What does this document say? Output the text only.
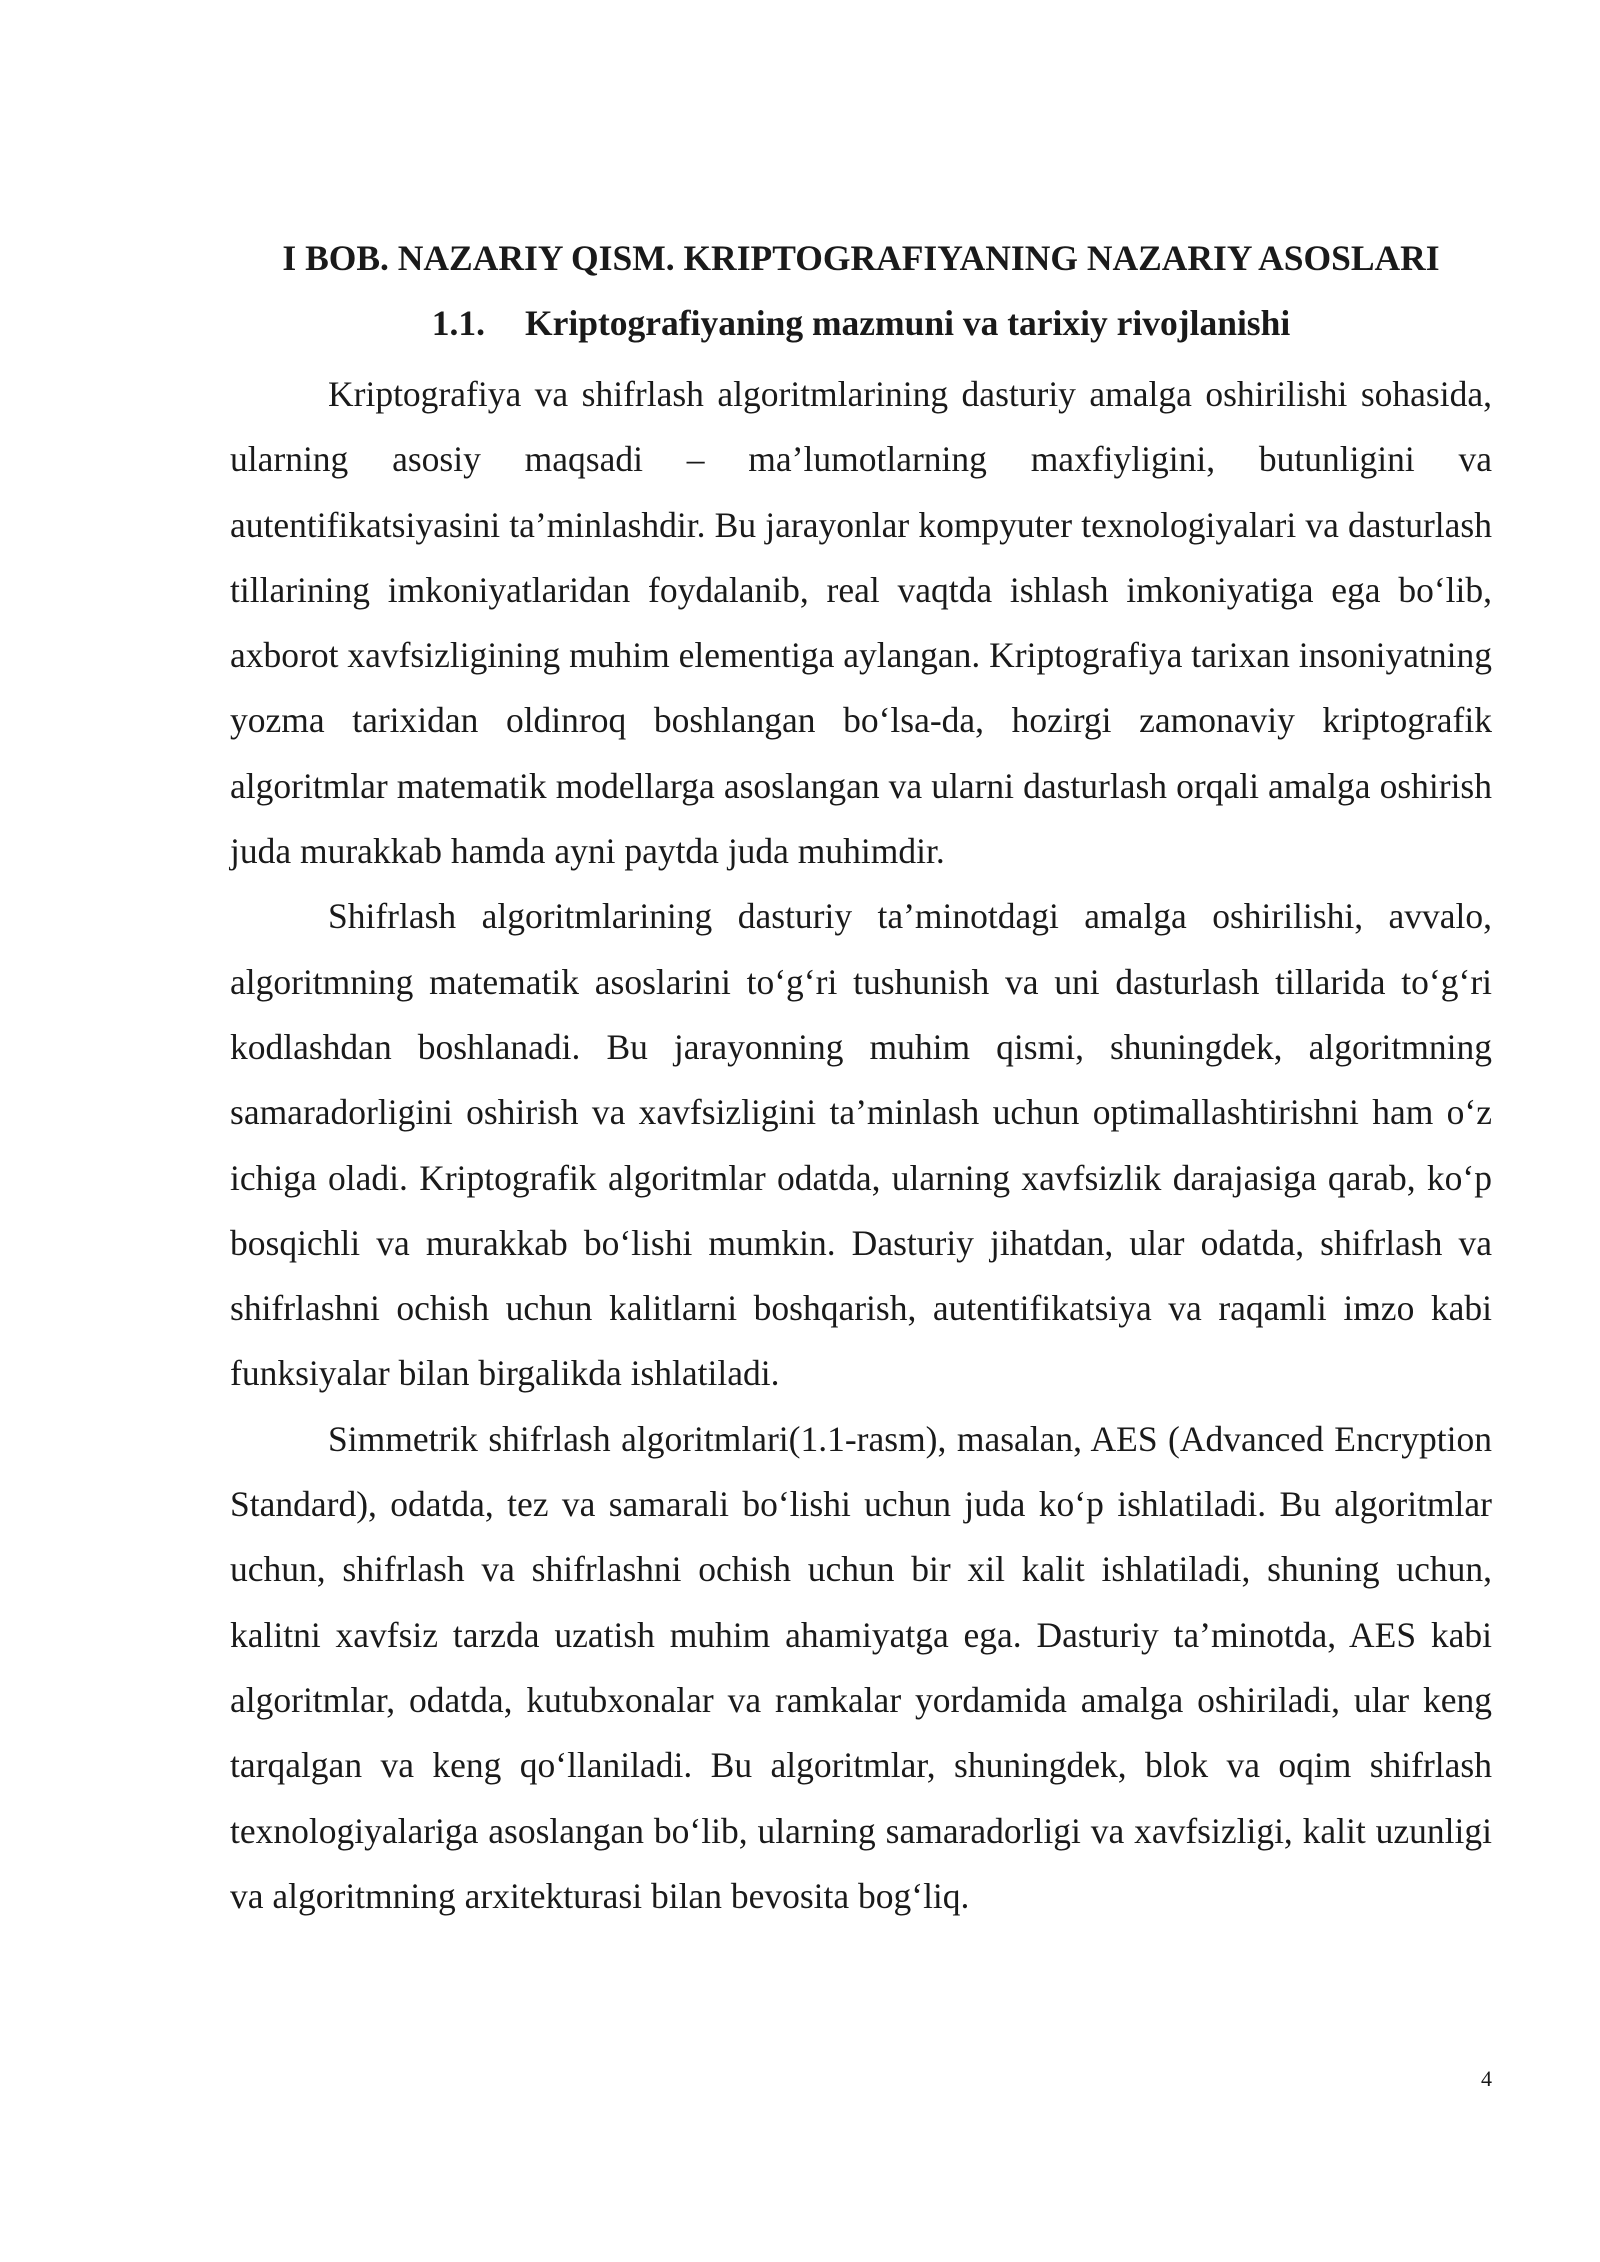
I BOB. NAZARIY QISM. KRIPTOGRAFIYANING NAZARIY ASOSLARI
1.1. Kriptografiyaning mazmuni va tarixiy rivojlanishi

Kriptografiya va shifrlash algoritmlarining dasturiy amalga oshirilishi sohasida, ularning asosiy maqsadi – ma’lumotlarning maxfiyligini, butunligini va autentifikatsiyasini ta’minlashdir. Bu jarayonlar kompyuter texnologiyalari va dasturlash tillarining imkoniyatlaridan foydalanib, real vaqtda ishlash imkoniyatiga ega bo‘lib, axborot xavfsizligining muhim elementiga aylangan. Kriptografiya tarixan insoniyatning yozma tarixidan oldinroq boshlangan bo‘lsa-da, hozirgi zamonaviy kriptografik algoritmlar matematik modellarga asoslangan va ularni dasturlash orqali amalga oshirish juda murakkab hamda ayni paytda juda muhimdir.

Shifrlash algoritmlarining dasturiy ta’minotdagi amalga oshirilishi, avvalo, algoritmning matematik asoslarini to‘g‘ri tushunish va uni dasturlash tillarida to‘g‘ri kodlashdan boshlanadi. Bu jarayonning muhim qismi, shuningdek, algoritmning samaradorligini oshirish va xavfsizligini ta’minlash uchun optimallashtirishni ham o‘z ichiga oladi. Kriptografik algoritmlar odatda, ularning xavfsizlik darajasiga qarab, ko‘p bosqichli va murakkab bo‘lishi mumkin. Dasturiy jihatdan, ular odatda, shifrlash va shifrlashni ochish uchun kalitlarni boshqarish, autentifikatsiya va raqamli imzo kabi funksiyalar bilan birgalikda ishlatiladi.

Simmetrik shifrlash algoritmlari(1.1-rasm), masalan, AES (Advanced Encryption Standard), odatda, tez va samarali bo‘lishi uchun juda ko‘p ishlatiladi. Bu algoritmlar uchun, shifrlash va shifrlashni ochish uchun bir xil kalit ishlatiladi, shuning uchun, kalitni xavfsiz tarzda uzatish muhim ahamiyatga ega. Dasturiy ta’minotda, AES kabi algoritmlar, odatda, kutubxonalar va ramkalar yordamida amalga oshiriladi, ular keng tarqalgan va keng qo‘llaniladi. Bu algoritmlar, shuningdek, blok va oqim shifrlash texnologiyalariga asoslangan bo‘lib, ularning samaradorligi va xavfsizligi, kalit uzunligi va algoritmning arxitekturasi bilan bevosita bog‘liq.

4
